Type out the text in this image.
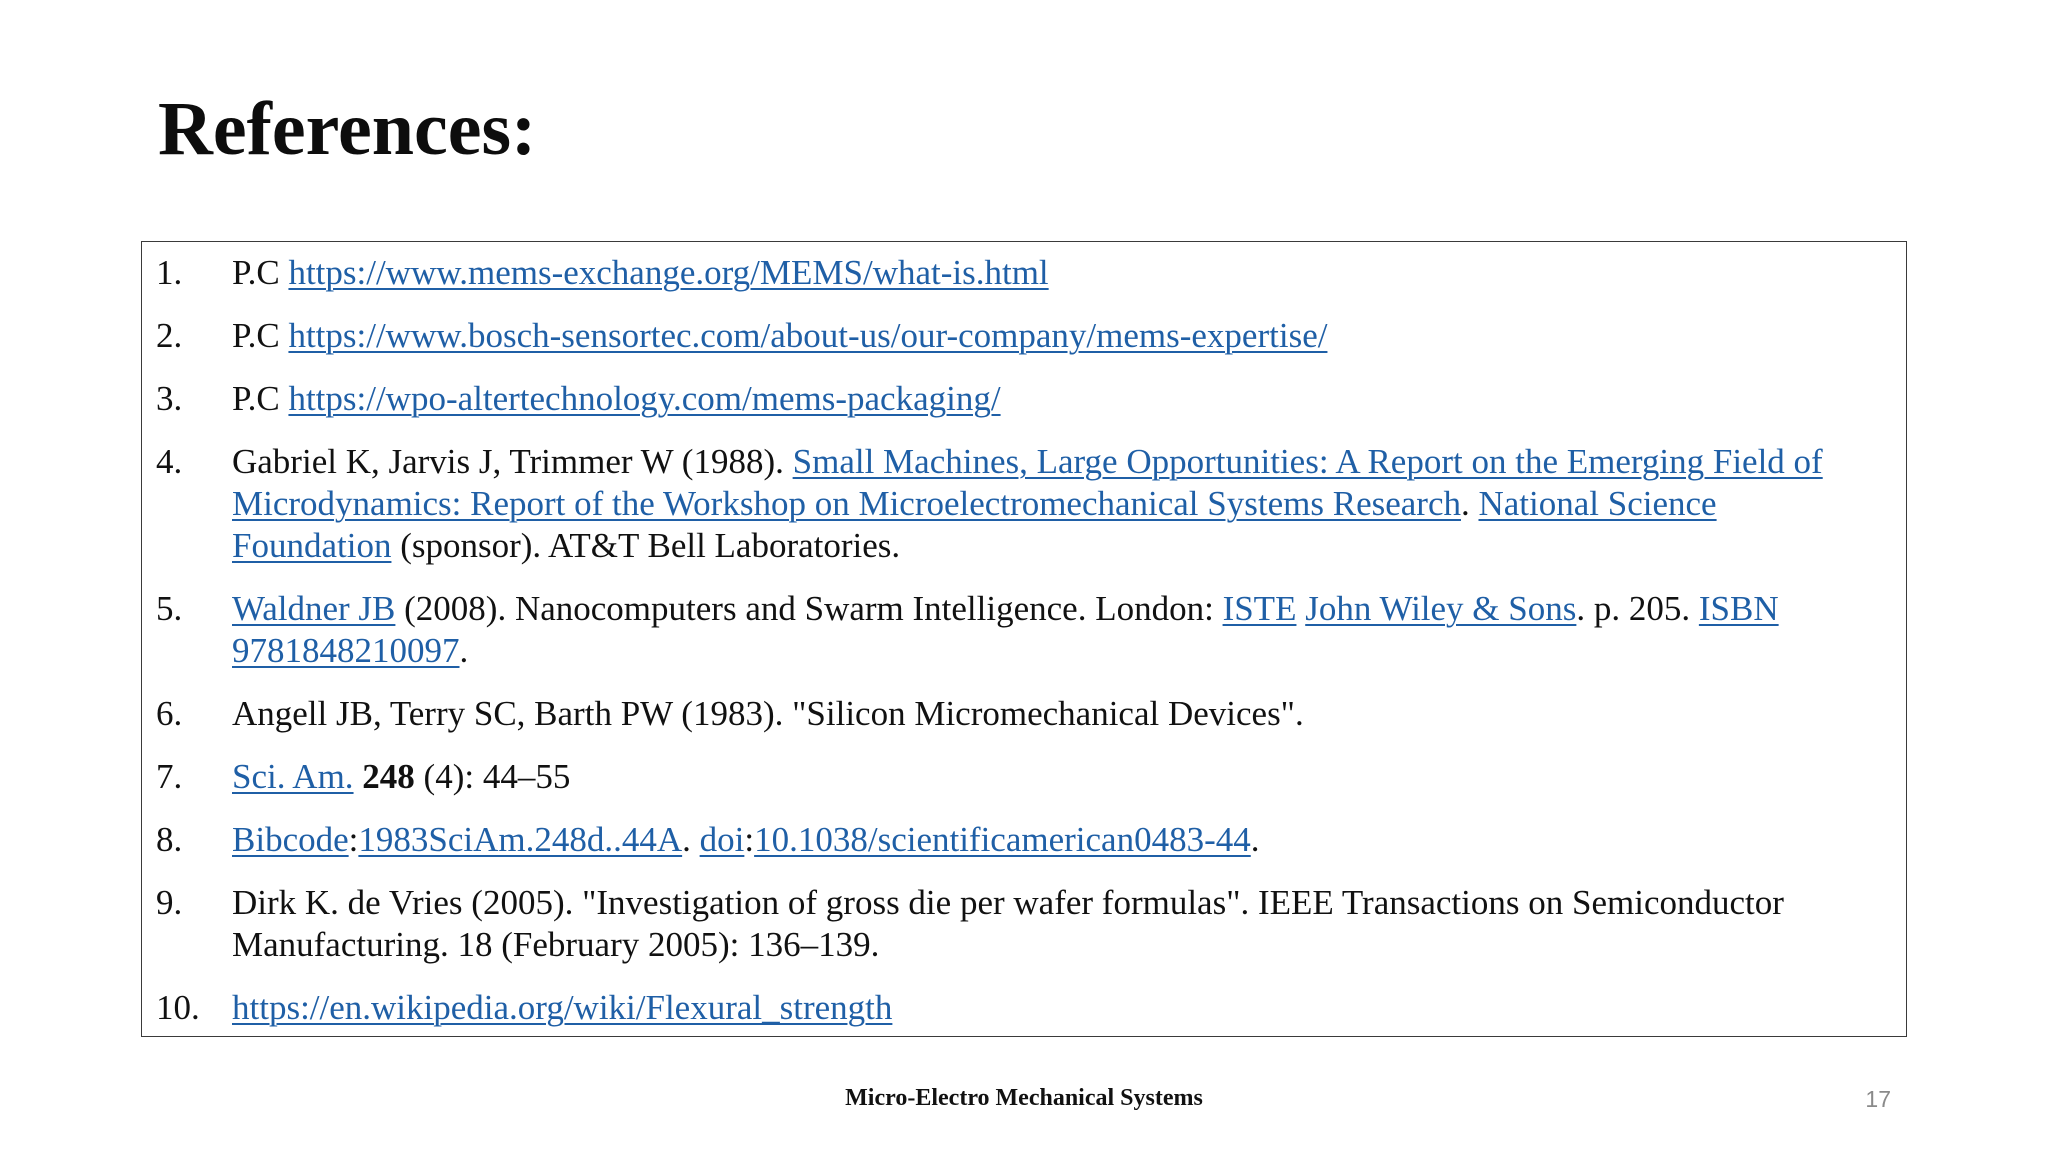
References:
1. P.C https://www.mems-exchange.org/MEMS/what-is.html
2. P.C https://www.bosch-sensortec.com/about-us/our-company/mems-expertise/
3. P.C https://wpo-altertechnology.com/mems-packaging/
4. Gabriel K, Jarvis J, Trimmer W (1988). Small Machines, Large Opportunities: A Report on the Emerging Field of Microdynamics: Report of the Workshop on Microelectromechanical Systems Research. National Science Foundation (sponsor). AT&T Bell Laboratories.
5. Waldner JB (2008). Nanocomputers and Swarm Intelligence. London: ISTE John Wiley & Sons. p. 205. ISBN 9781848210097.
6. Angell JB, Terry SC, Barth PW (1983). "Silicon Micromechanical Devices".
7. Sci. Am. 248 (4): 44–55
8. Bibcode:1983SciAm.248d..44A. doi:10.1038/scientificamerican0483-44.
9. Dirk K. de Vries (2005). "Investigation of gross die per wafer formulas". IEEE Transactions on Semiconductor Manufacturing. 18 (February 2005): 136–139.
10. https://en.wikipedia.org/wiki/Flexural_strength
Micro-Electro Mechanical Systems	17
